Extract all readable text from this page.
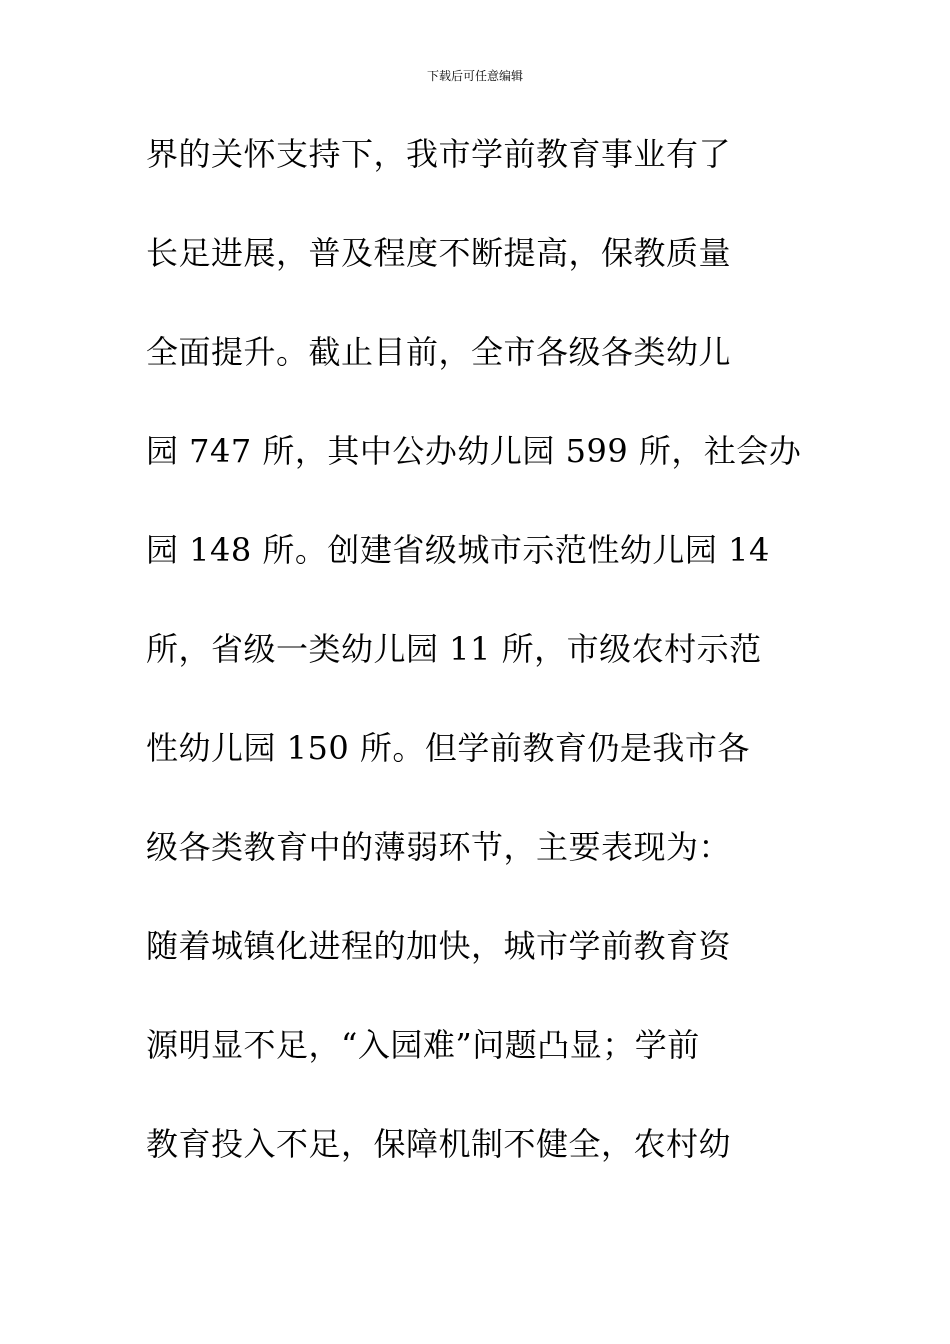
下载后可任意编辑
界的关怀支持下，我市学前教育事业有了
长足进展，普及程度不断提高，保教质量
全面提升。截止目前，全市各级各类幼儿
园 747 所，其中公办幼儿园 599 所，社会办
园 148 所。创建省级城市示范性幼儿园 14
所，省级一类幼儿园 11 所，市级农村示范
性幼儿园 150 所。但学前教育仍是我市各
级各类教育中的薄弱环节，主要表现为：
随着城镇化进程的加快，城市学前教育资
源明显不足，“入园难”问题凸显；学前
教育投入不足，保障机制不健全，农村幼
